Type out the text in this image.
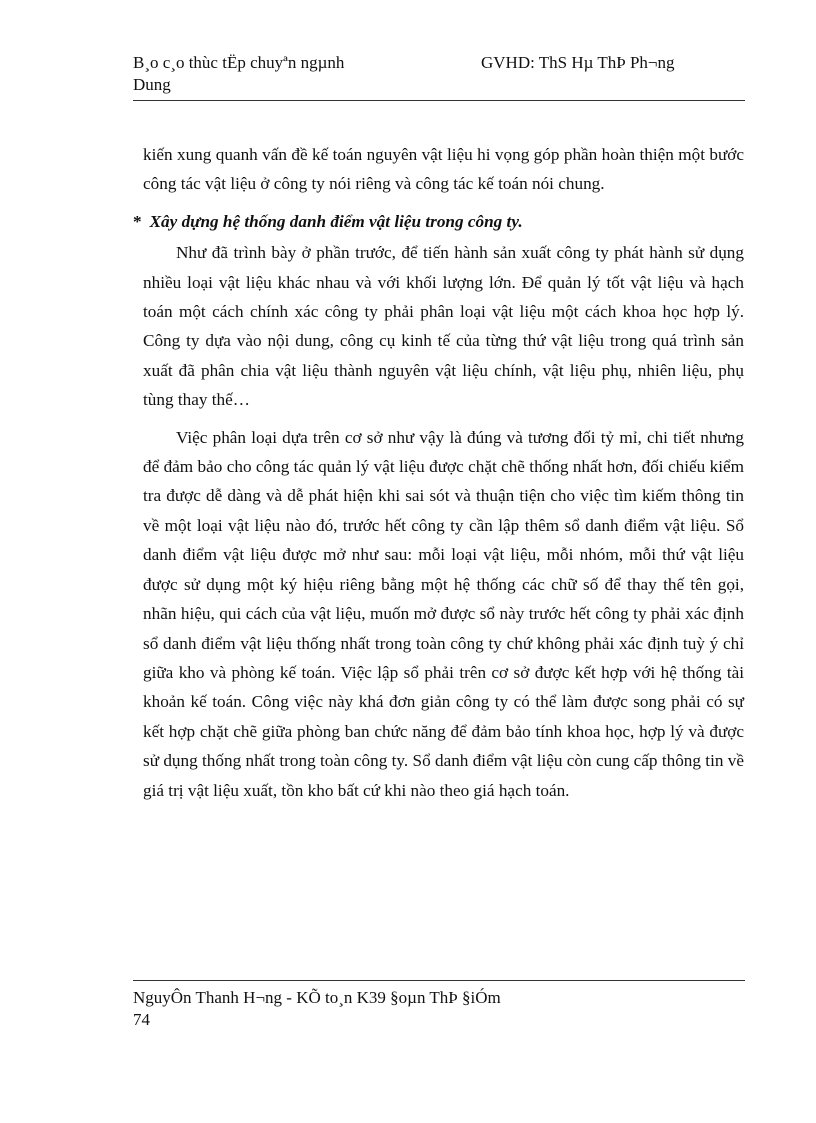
B¸o c¸o thùc tËp chuyªn ngµnh	GVHD: ThS Hµ ThÞ Ph¬ng
Dung

kiến xung quanh vấn đề kế toán nguyên vật liệu hi vọng góp phần hoàn thiện một bước công tác vật liệu ở công ty nói riêng và công tác kế toán nói chung.

* Xây dựng hệ thống danh điểm vật liệu trong công ty.

Như đã trình bày ở phần trước, để tiến hành sản xuất công ty phát hành sử dụng nhiều loại vật liệu khác nhau và với khối lượng lớn. Để quản lý tốt vật liệu và hạch toán một cách chính xác công ty phải phân loại vật liệu một cách khoa học hợp lý. Công ty dựa vào nội dung, công cụ kinh tế của từng thứ vật liệu trong quá trình sản xuất đã phân chia vật liệu thành nguyên vật liệu chính, vật liệu phụ, nhiên liệu, phụ tùng thay thế…

Việc phân loại dựa trên cơ sở như vậy là đúng và tương đối tỷ mỉ, chi tiết nhưng để đảm bảo cho công tác quản lý vật liệu được chặt chẽ thống nhất hơn, đối chiếu kiểm tra được dễ dàng và dễ phát hiện khi sai sót và thuận tiện cho việc tìm kiếm thông tin về một loại vật liệu nào đó, trước hết công ty cần lập thêm sổ danh điểm vật liệu. Sổ danh điểm vật liệu được mở như sau: mỗi loại vật liệu, mỗi nhóm, mỗi thứ vật liệu được sử dụng một ký hiệu riêng bằng một hệ thống các chữ số để thay thế tên gọi, nhãn hiệu, qui cách của vật liệu, muốn mở được sổ này trước hết công ty phải xác định sổ danh điểm vật liệu thống nhất trong toàn công ty chứ không phải xác định tuỳ ý chỉ giữa kho và phòng kế toán. Việc lập sổ phải trên cơ sở được kết hợp với hệ thống tài khoản kế toán. Công việc này khá đơn giản công ty có thể làm được song phải có sự kết hợp chặt chẽ giữa phòng ban chức năng để đảm bảo tính khoa học, hợp lý và được sử dụng thống nhất trong toàn công ty. Sổ danh điểm vật liệu còn cung cấp thông tin về giá trị vật liệu xuất, tồn kho bất cứ khi nào theo giá hạch toán.

NguyÔn Thanh H¬ng - KÕ to¸n K39 §oµn ThÞ §iÓm
74
